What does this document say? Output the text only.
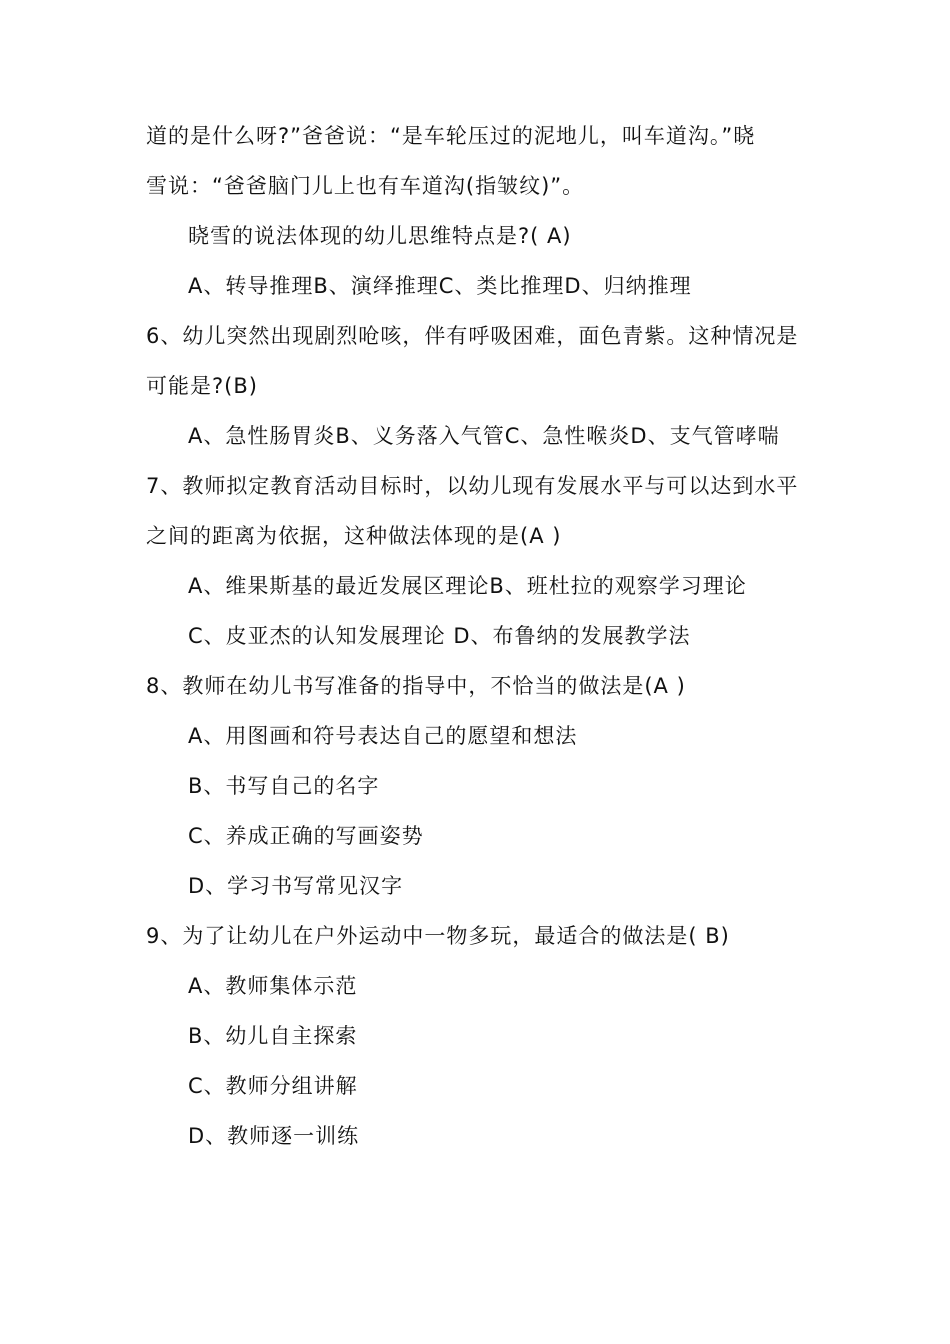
道的是什么呀?”爸爸说：“是车轮压过的泥地儿，叫车道沟。”晓
雪说：“爸爸脑门儿上也有车道沟(指皱纹)”。
晓雪的说法体现的幼儿思维特点是?( A)
A、转导推理B、演绎推理C、类比推理D、归纳推理
6、幼儿突然出现剧烈呛咳，伴有呼吸困难，面色青紫。这种情况是
可能是?(B)
A、急性肠胃炎B、义务落入气管C、急性喉炎D、支气管哮喘
7、教师拟定教育活动目标时，以幼儿现有发展水平与可以达到水平
之间的距离为依据，这种做法体现的是(A )
A、维果斯基的最近发展区理论B、班杜拉的观察学习理论
C、皮亚杰的认知发展理论 D、布鲁纳的发展教学法
8、教师在幼儿书写准备的指导中，不恰当的做法是(A )
A、用图画和符号表达自己的愿望和想法
B、书写自己的名字
C、养成正确的写画姿势
D、学习书写常见汉字
9、为了让幼儿在户外运动中一物多玩，最适合的做法是( B)
A、教师集体示范
B、幼儿自主探索
C、教师分组讲解
D、教师逐一训练
